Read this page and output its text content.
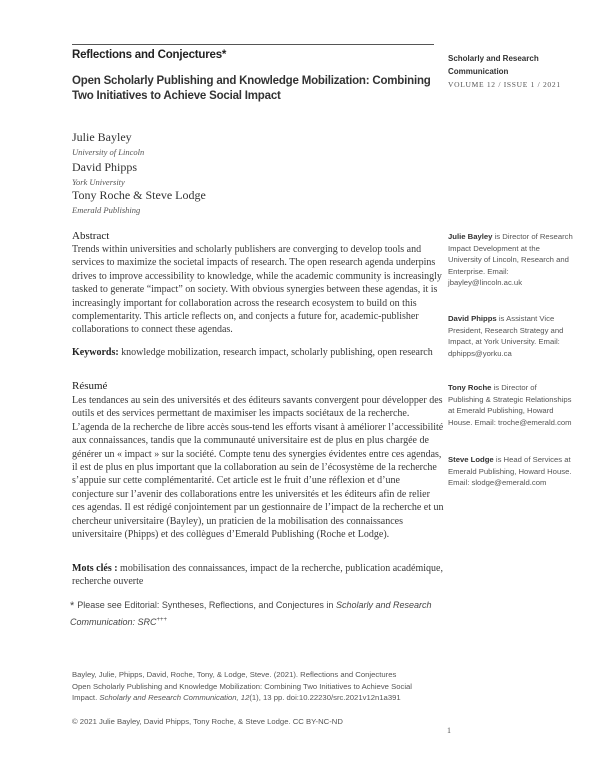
Reflections and Conjectures*
Open Scholarly Publishing and Knowledge Mobilization: Combining Two Initiatives to Achieve Social Impact
Scholarly and Research Communication
VOLUME 12 / ISSUE 1 / 2021
Julie Bayley
University of Lincoln
David Phipps
York University
Tony Roche & Steve Lodge
Emerald Publishing
Abstract
Trends within universities and scholarly publishers are converging to develop tools and services to maximize the societal impacts of research. The open research agenda underpins drives to improve accessibility to knowledge, while the academic community is increasingly tasked to generate “impact” on society. With obvious synergies between these agendas, it is increasingly important for collaboration across the research ecosystem to build on this complementarity. This article reflects on, and conjects a future for, academic-publisher collaborations to connect these agendas.
Keywords: knowledge mobilization, research impact, scholarly publishing, open research
Résumé
Les tendances au sein des universités et des éditeurs savants convergent pour développer des outils et des services permettant de maximiser les impacts sociétaux de la recherche. L’agenda de la recherche de libre accès sous-tend les efforts visant à améliorer l’accessibilité aux connaissances, tandis que la communauté universitaire est de plus en plus chargée de générer un « impact » sur la société. Compte tenu des synergies évidentes entre ces agendas, il est de plus en plus important que la collaboration au sein de l’écosystème de la recherche s’appuie sur cette complémentarité. Cet article est le fruit d’une réflexion et d’une conjecture sur l’avenir des collaborations entre les universités et les éditeurs afin de relier ces agendas. Il est rédigé conjointement par un gestionnaire de l’impact de la recherche et un chercheur universitaire (Bayley), un praticien de la mobilisation des connaissances universitaire (Phipps) et des collègues d’Emerald Publishing (Roche et Lodge).
Mots clés : mobilisation des connaissances, impact de la recherche, publication académique, recherche ouverte
* Please see Editorial: Syntheses, Reflections, and Conjectures in Scholarly and Research Communication: SRC+++
Julie Bayley is Director of Research Impact Development at the University of Lincoln, Research and Enterprise. Email: jbayley@lincoln.ac.uk
David Phipps is Assistant Vice President, Research Strategy and Impact, at York University. Email: dphipps@yorku.ca
Tony Roche is Director of Publishing & Strategic Relationships at Emerald Publishing, Howard House. Email: troche@emerald.com
Steve Lodge is Head of Services at Emerald Publishing, Howard House. Email: slodge@emerald.com
Bayley, Julie, Phipps, David, Roche, Tony, & Lodge, Steve. (2021). Reflections and Conjectures
Open Scholarly Publishing and Knowledge Mobilization: Combining Two Initiatives to Achieve Social
Impact. Scholarly and Research Communication, 12(1), 13 pp. doi:10.22230/src.2021v12n1a391
© 2021 Julie Bayley, David Phipps, Tony Roche, & Steve Lodge. CC BY-NC-ND
1
